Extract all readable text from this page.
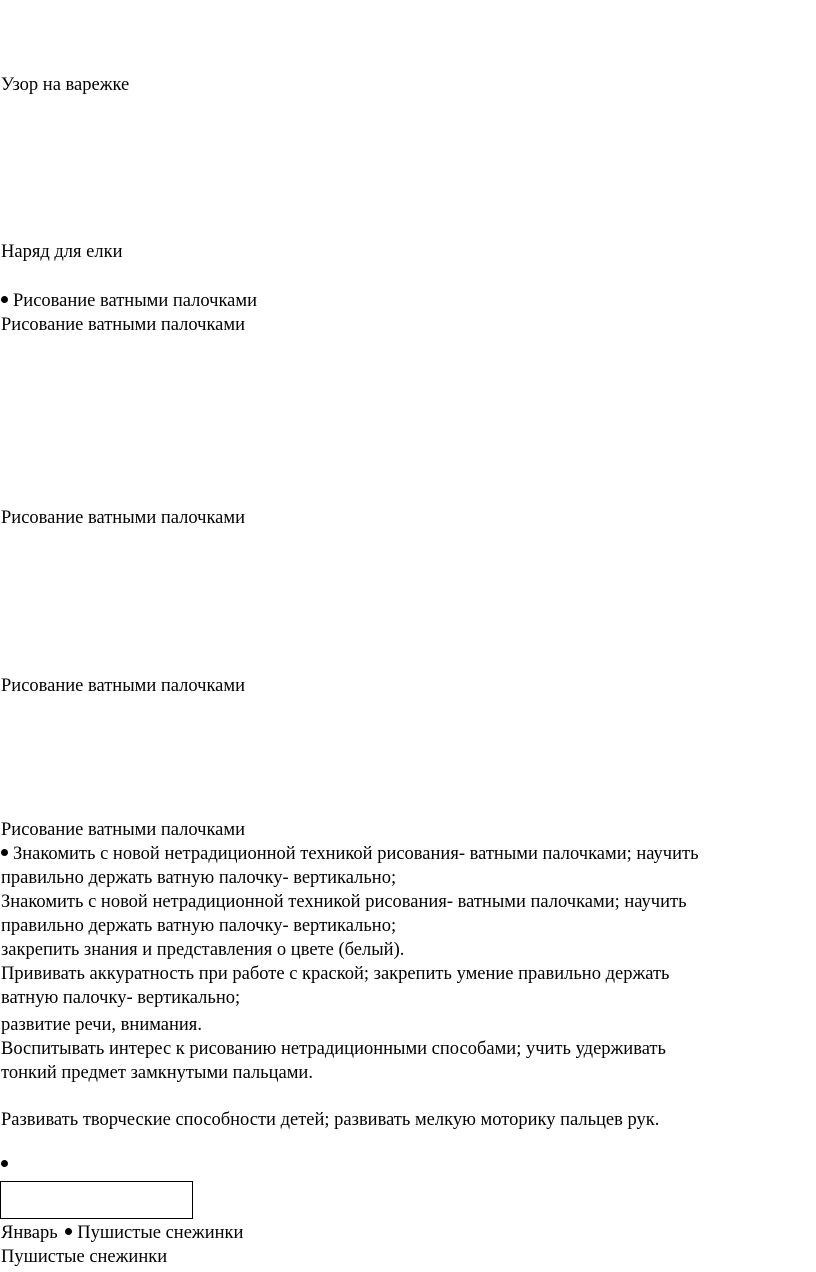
Узор на варежке
Наряд для елки
Рисование ватными палочками
Рисование ватными палочками
Рисование ватными палочками
Рисование ватными палочками
Рисование ватными палочками
Знакомить с новой нетрадиционной техникой рисования- ватными палочками; научить
правильно держать ватную палочку- вертикально;
Знакомить с новой нетрадиционной техникой рисования- ватными палочками; научить
правильно держать ватную палочку- вертикально;
закрепить знания и представления о цвете (белый).
Прививать аккуратность при работе с краской; закрепить умение правильно держать
ватную палочку- вертикально;
развитие речи, внимания.
Воспитывать интерес к рисованию нетрадиционными способами; учить удерживать
тонкий предмет замкнутыми пальцами.
Развивать творческие способности детей; развивать мелкую моторику пальцев рук.
Январь Пушистые снежинки
Пушистые снежинки
